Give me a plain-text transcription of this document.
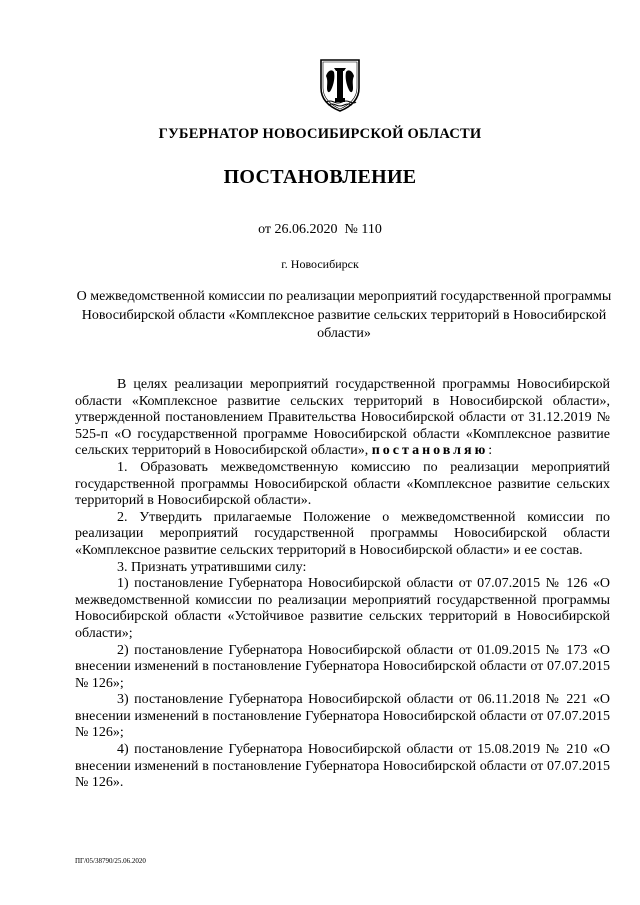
ГУБЕРНАТОР НОВОСИБИРСКОЙ ОБЛАСТИ
ПОСТАНОВЛЕНИЕ
от 26.06.2020  № 110
г. Новосибирск
О межведомственной комиссии по реализации мероприятий государственной программы Новосибирской области «Комплексное развитие сельских территорий в Новосибирской области»

В целях реализации мероприятий государственной программы Новосибирской области «Комплексное развитие сельских территорий в Новосибирской области», утвержденной постановлением Правительства Новосибирской области от 31.12.2019 № 525-п «О государственной программе Новосибирской области «Комплексное развитие сельских территорий в Новосибирской области», постановляю:

1. Образовать межведомственную комиссию по реализации мероприятий государственной программы Новосибирской области «Комплексное развитие сельских территорий в Новосибирской области».

2. Утвердить прилагаемые Положение о межведомственной комиссии по реализации мероприятий государственной программы Новосибирской области «Комплексное развитие сельских территорий в Новосибирской области» и ее состав.

3. Признать утратившими силу:

1) постановление Губернатора Новосибирской области от 07.07.2015 № 126 «О межведомственной комиссии по реализации мероприятий государственной программы Новосибирской области «Устойчивое развитие сельских территорий в Новосибирской области»;

2) постановление Губернатора Новосибирской области от 01.09.2015 № 173 «О внесении изменений в постановление Губернатора Новосибирской области от 07.07.2015 № 126»;

3) постановление Губернатора Новосибирской области от 06.11.2018 № 221 «О внесении изменений в постановление Губернатора Новосибирской области от 07.07.2015 № 126»;

4) постановление Губернатора Новосибирской области от 15.08.2019 № 210 «О внесении изменений в постановление Губернатора Новосибирской области от 07.07.2015 № 126».

ПГ/05/38790/25.06.2020
